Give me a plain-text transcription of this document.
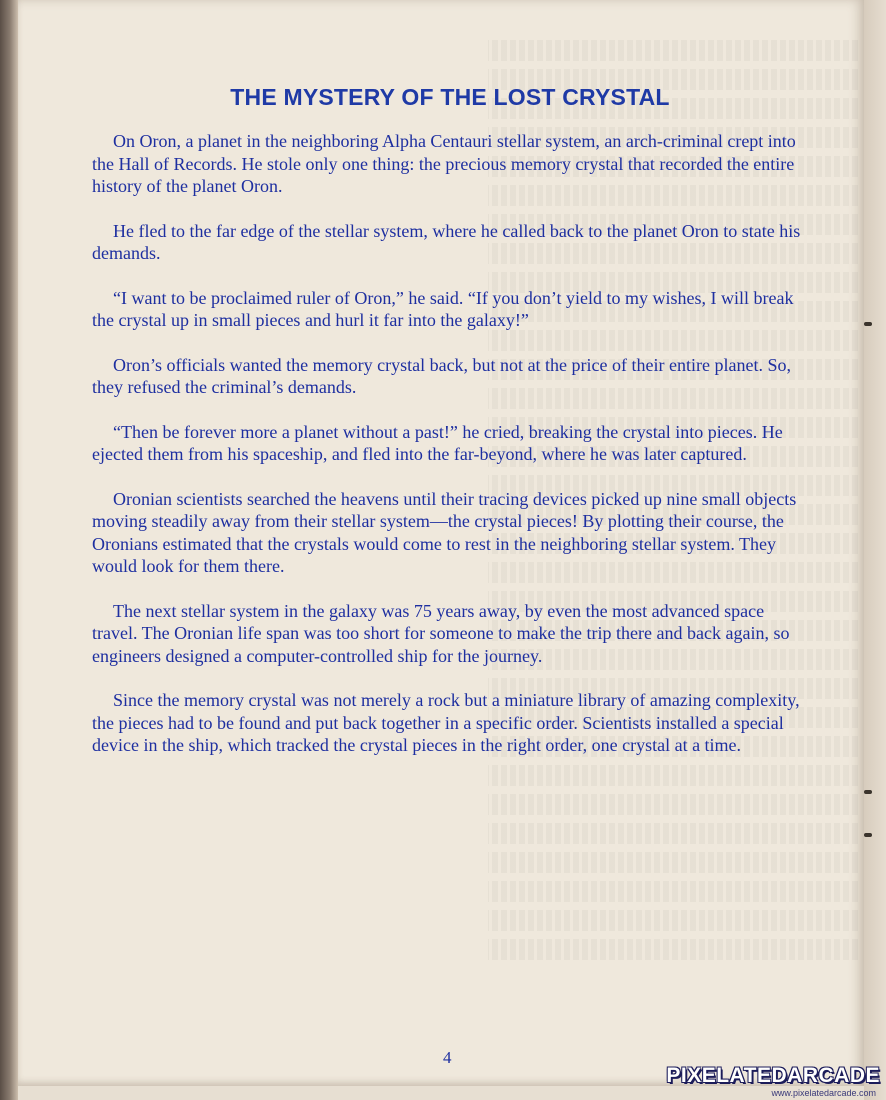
THE MYSTERY OF THE LOST CRYSTAL

On Oron, a planet in the neighboring Alpha Centauri stellar system, an arch-criminal crept into the Hall of Records. He stole only one thing: the precious memory crystal that recorded the entire history of the planet Oron.

He fled to the far edge of the stellar system, where he called back to the planet Oron to state his demands.

“I want to be proclaimed ruler of Oron,” he said. “If you don’t yield to my wishes, I will break the crystal up in small pieces and hurl it far into the galaxy!”

Oron’s officials wanted the memory crystal back, but not at the price of their entire planet. So, they refused the criminal’s demands.

“Then be forever more a planet without a past!” he cried, breaking the crystal into pieces. He ejected them from his spaceship, and fled into the far-beyond, where he was later captured.

Oronian scientists searched the heavens until their tracing devices picked up nine small objects moving steadily away from their stellar system—the crystal pieces! By plotting their course, the Oronians estimated that the crystals would come to rest in the neighboring stellar system. They would look for them there.

The next stellar system in the galaxy was 75 years away, by even the most advanced space travel. The Oronian life span was too short for someone to make the trip there and back again, so engineers designed a computer-controlled ship for the journey.

Since the memory crystal was not merely a rock but a miniature library of amazing complexity, the pieces had to be found and put back together in a specific order. Scientists installed a special device in the ship, which tracked the crystal pieces in the right order, one crystal at a time.

4
PIXELATEDARCADE
www.pixelatedarcade.com
